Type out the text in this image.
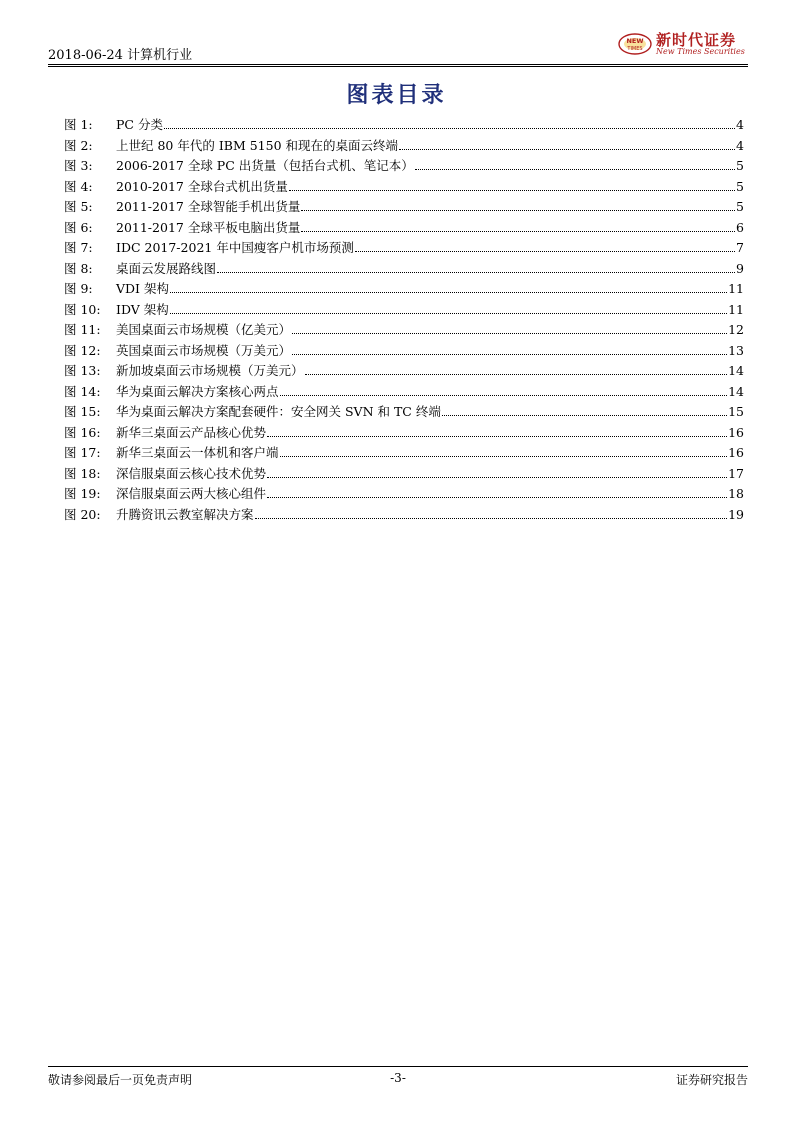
2018-06-24 计算机行业
NEW
TIMES 新时代证券
New Times Securities
图表目录
图 1:	PC 分类	4
图 2:	上世纪 80 年代的 IBM 5150 和现在的桌面云终端	4
图 3:	2006-2017 全球 PC 出货量（包括台式机、笔记本）	5
图 4:	2010-2017 全球台式机出货量	5
图 5:	2011-2017 全球智能手机出货量	5
图 6:	2011-2017 全球平板电脑出货量	6
图 7:	IDC 2017-2021 年中国瘦客户机市场预测	7
图 8:	桌面云发展路线图	9
图 9:	VDI 架构	11
图 10:	IDV 架构	11
图 11:	美国桌面云市场规模（亿美元）	12
图 12:	英国桌面云市场规模（万美元）	13
图 13:	新加坡桌面云市场规模（万美元）	14
图 14:	华为桌面云解决方案核心两点	14
图 15:	华为桌面云解决方案配套硬件：安全网关 SVN 和 TC 终端	15
图 16:	新华三桌面云产品核心优势	16
图 17:	新华三桌面云一体机和客户端	16
图 18:	深信服桌面云核心技术优势	17
图 19:	深信服桌面云两大核心组件	18
图 20:	升腾资讯云教室解决方案	19
敬请参阅最后一页免责声明	-3-	证券研究报告
